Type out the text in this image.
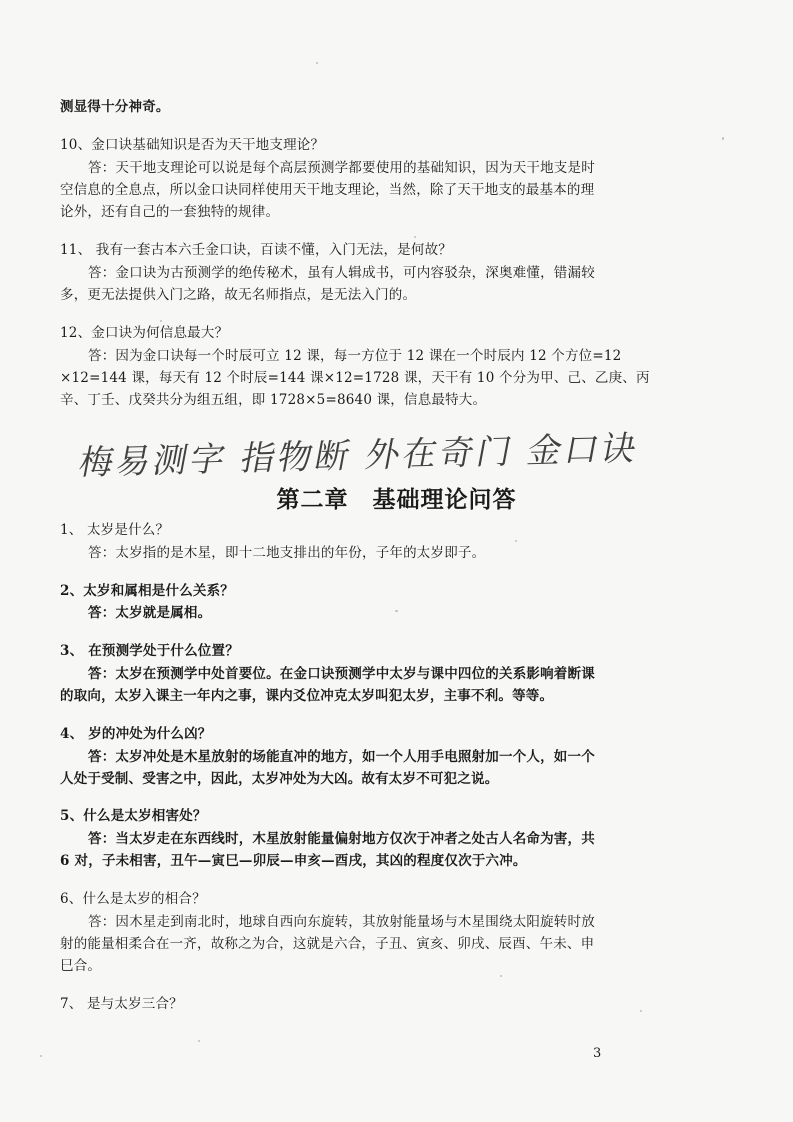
测显得十分神奇。
10、金口诀基础知识是否为天干地支理论？
答：天干地支理论可以说是每个高层预测学都要使用的基础知识，因为天干地支是时
空信息的全息点，所以金口诀同样使用天干地支理论，当然，除了天干地支的最基本的理
论外，还有自己的一套独特的规律。
11、 我有一套古本六壬金口诀，百读不懂，入门无法，是何故？
答：金口诀为古预测学的绝传秘术，虽有人辑成书，可内容驳杂，深奥难懂，错漏较
多，更无法提供入门之路，故无名师指点，是无法入门的。
12、金口诀为何信息最大？
答：因为金口诀每一个时辰可立 12 课，每一方位于 12 课在一个时辰内 12 个方位=12
×12=144 课，每天有 12 个时辰=144 课×12=1728 课，天干有 10 个分为甲、己、乙庚、丙
辛、丁壬、戊癸共分为组五组，即 1728×5=8640 课，信息最特大。
梅易测字 指物断 外在奇门 金口诀
第二章　基础理论问答
1、 太岁是什么？
答：太岁指的是木星，即十二地支排出的年份，子年的太岁即子。
2、太岁和属相是什么关系？
答：太岁就是属相。
3、 在预测学处于什么位置？
答：太岁在预测学中处首要位。在金口诀预测学中太岁与课中四位的关系影响着断课
的取向，太岁入课主一年内之事，课内爻位冲克太岁叫犯太岁，主事不利。等等。
4、 岁的冲处为什么凶？
答：太岁冲处是木星放射的场能直冲的地方，如一个人用手电照射加一个人，如一个
人处于受制、受害之中，因此，太岁冲处为大凶。故有太岁不可犯之说。
5、什么是太岁相害处？
答：当太岁走在东西线时，木星放射能量偏射地方仅次于冲者之处古人名命为害，共
6 对，子未相害，丑午—寅巳—卯辰—申亥—酉戌，其凶的程度仅次于六冲。
6、什么是太岁的相合？
答：因木星走到南北时，地球自西向东旋转，其放射能量场与木星围绕太阳旋转时放
射的能量相柔合在一齐，故称之为合，这就是六合，子丑、寅亥、卯戌、辰酉、午未、申
巳合。
7、 是与太岁三合？
3
